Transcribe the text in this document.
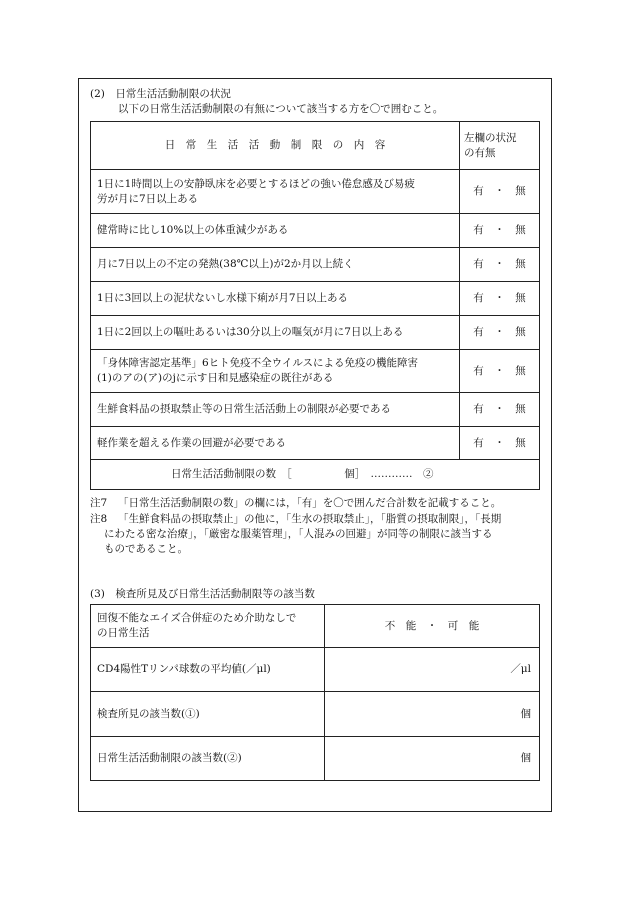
(2)　日常生活活動制限の状況
以下の日常生活活動制限の有無について該当する方を〇で囲むこと。
日　常　生　活　活　動　制　限　の　内　容	左欄の状況
の有無

1日に1時間以上の安静臥床を必要とするほどの強い倦怠感及び易疲
労が月に7日以上ある	有　・　無
健常時に比し10%以上の体重減少がある	有　・　無
月に7日以上の不定の発熱(38℃以上)が2か月以上続く	有　・　無
1日に3回以上の泥状ないし水様下痢が月7日以上ある	有　・　無
1日に2回以上の嘔吐あるいは30分以上の嘔気が月に7日以上ある	有　・　無

「身体障害認定基準」6ヒト免疫不全ウイルスによる免疫の機能障害
(1)のアの(ア)のjに示す日和見感染症の既往がある	有　・　無
生鮮食料品の摂取禁止等の日常生活活動上の制限が必要である	有　・　無
軽作業を超える作業の回避が必要である	有　・　無
日常生活活動制限の数　［　　　　　個］　…………　②	
注7 「日常生活活動制限の数」の欄には，「有」を〇で囲んだ合計数を記載すること。
注8 「生鮮食料品の摂取禁止」の他に，「生水の摂取禁止」，「脂質の摂取制限」，「長期
にわたる密な治療」，「厳密な服薬管理」，「人混みの回避」が同等の制限に該当する
ものであること。
(3)　検査所見及び日常生活活動制限等の該当数
回復不能なエイズ合併症のため介助なしで
の日常生活	不　能　・　可　能
CD4陽性Tリンパ球数の平均値(／μl)	／μl
検査所見の該当数(①)	個
日常生活活動制限の該当数(②)	個
